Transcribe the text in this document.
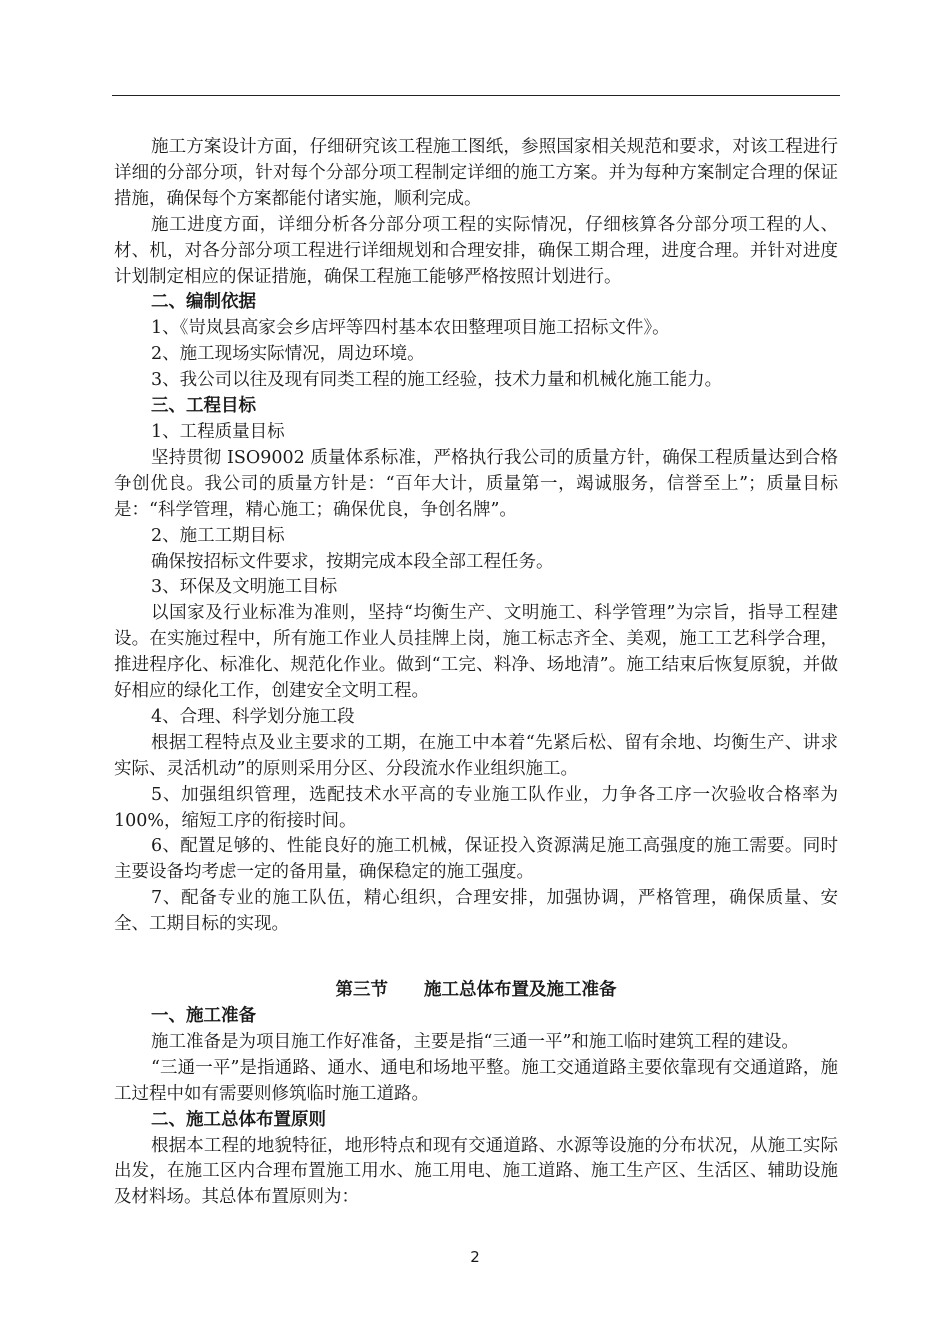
施工方案设计方面，仔细研究该工程施工图纸，参照国家相关规范和要求，对该工程进行详细的分部分项，针对每个分部分项工程制定详细的施工方案。并为每种方案制定合理的保证措施，确保每个方案都能付诸实施，顺利完成。

施工进度方面，详细分析各分部分项工程的实际情况，仔细核算各分部分项工程的人、材、机，对各分部分项工程进行详细规划和合理安排，确保工期合理，进度合理。并针对进度计划制定相应的保证措施，确保工程施工能够严格按照计划进行。

二、编制依据

1、《岢岚县高家会乡店坪等四村基本农田整理项目施工招标文件》。

2、施工现场实际情况，周边环境。

3、我公司以往及现有同类工程的施工经验，技术力量和机械化施工能力。

三、工程目标

1、工程质量目标

坚持贯彻 ISO9002 质量体系标准，严格执行我公司的质量方针，确保工程质量达到合格争创优良。我公司的质量方针是：“百年大计，质量第一，竭诚服务，信誉至上”；质量目标是：“科学管理，精心施工；确保优良，争创名牌”。

2、施工工期目标

确保按招标文件要求，按期完成本段全部工程任务。

3、环保及文明施工目标

以国家及行业标准为准则，坚持“均衡生产、文明施工、科学管理”为宗旨，指导工程建设。在实施过程中，所有施工作业人员挂牌上岗，施工标志齐全、美观，施工工艺科学合理，推进程序化、标准化、规范化作业。做到“工完、料净、场地清”。施工结束后恢复原貌，并做好相应的绿化工作，创建安全文明工程。

4、合理、科学划分施工段

根据工程特点及业主要求的工期，在施工中本着“先紧后松、留有余地、均衡生产、讲求实际、灵活机动”的原则采用分区、分段流水作业组织施工。

5、加强组织管理，选配技术水平高的专业施工队作业，力争各工序一次验收合格率为 100%，缩短工序的衔接时间。

6、配置足够的、性能良好的施工机械，保证投入资源满足施工高强度的施工需要。同时主要设备均考虑一定的备用量，确保稳定的施工强度。

7、配备专业的施工队伍，精心组织，合理安排，加强协调，严格管理，确保质量、安全、工期目标的实现。

第三节 施工总体布置及施工准备

一、施工准备

施工准备是为项目施工作好准备，主要是指“三通一平”和施工临时建筑工程的建设。

“三通一平”是指通路、通水、通电和场地平整。施工交通道路主要依靠现有交通道路，施工过程中如有需要则修筑临时施工道路。

二、施工总体布置原则

根据本工程的地貌特征，地形特点和现有交通道路、水源等设施的分布状况，从施工实际出发，在施工区内合理布置施工用水、施工用电、施工道路、施工生产区、生活区、辅助设施及材料场。其总体布置原则为：

2
